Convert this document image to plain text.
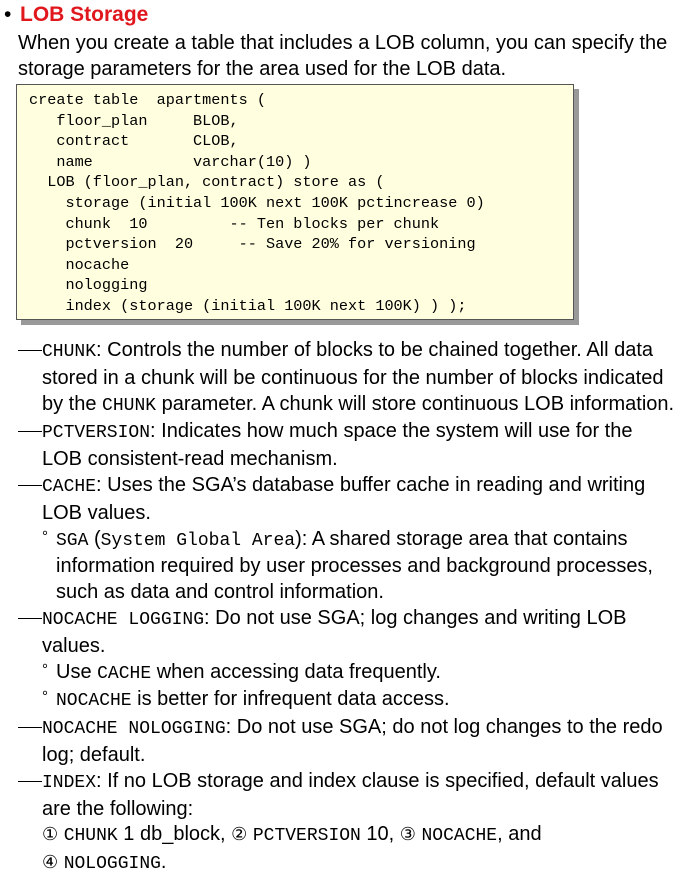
• LOB Storage
When you create a table that includes a LOB column, you can specify the storage parameters for the area used for the LOB data.
create table  apartments (
floor_plan     BLOB,
contract       CLOB,
name           varchar(10) )
LOB (floor_plan, contract) store as (
storage (initial 100K next 100K pctincrease 0)
chunk  10         -- Ten blocks per chunk
pctversion  20     -- Save 20% for versioning
nocache
nologging
index (storage (initial 100K next 100K) ) );
CHUNK: Controls the number of blocks to be chained together. All data stored in a chunk will be continuous for the number of blocks indicated by the CHUNK parameter. A chunk will store continuous LOB information.
PCTVERSION: Indicates how much space the system will use for the LOB consistent-read mechanism.
CACHE: Uses the SGA’s database buffer cache in reading and writing LOB values.
° SGA (System Global Area): A shared storage area that contains information required by user processes and background processes, such as data and control information.
NOCACHE LOGGING: Do not use SGA; log changes and writing LOB values.
° Use CACHE when accessing data frequently.
° NOCACHE is better for infrequent data access.
NOCACHE NOLOGGING: Do not use SGA; do not log changes to the redo log; default.
INDEX: If no LOB storage and index clause is specified, default values are the following:
① CHUNK 1 db_block, ② PCTVERSION 10, ③ NOCACHE, and
④ NOLOGGING.
